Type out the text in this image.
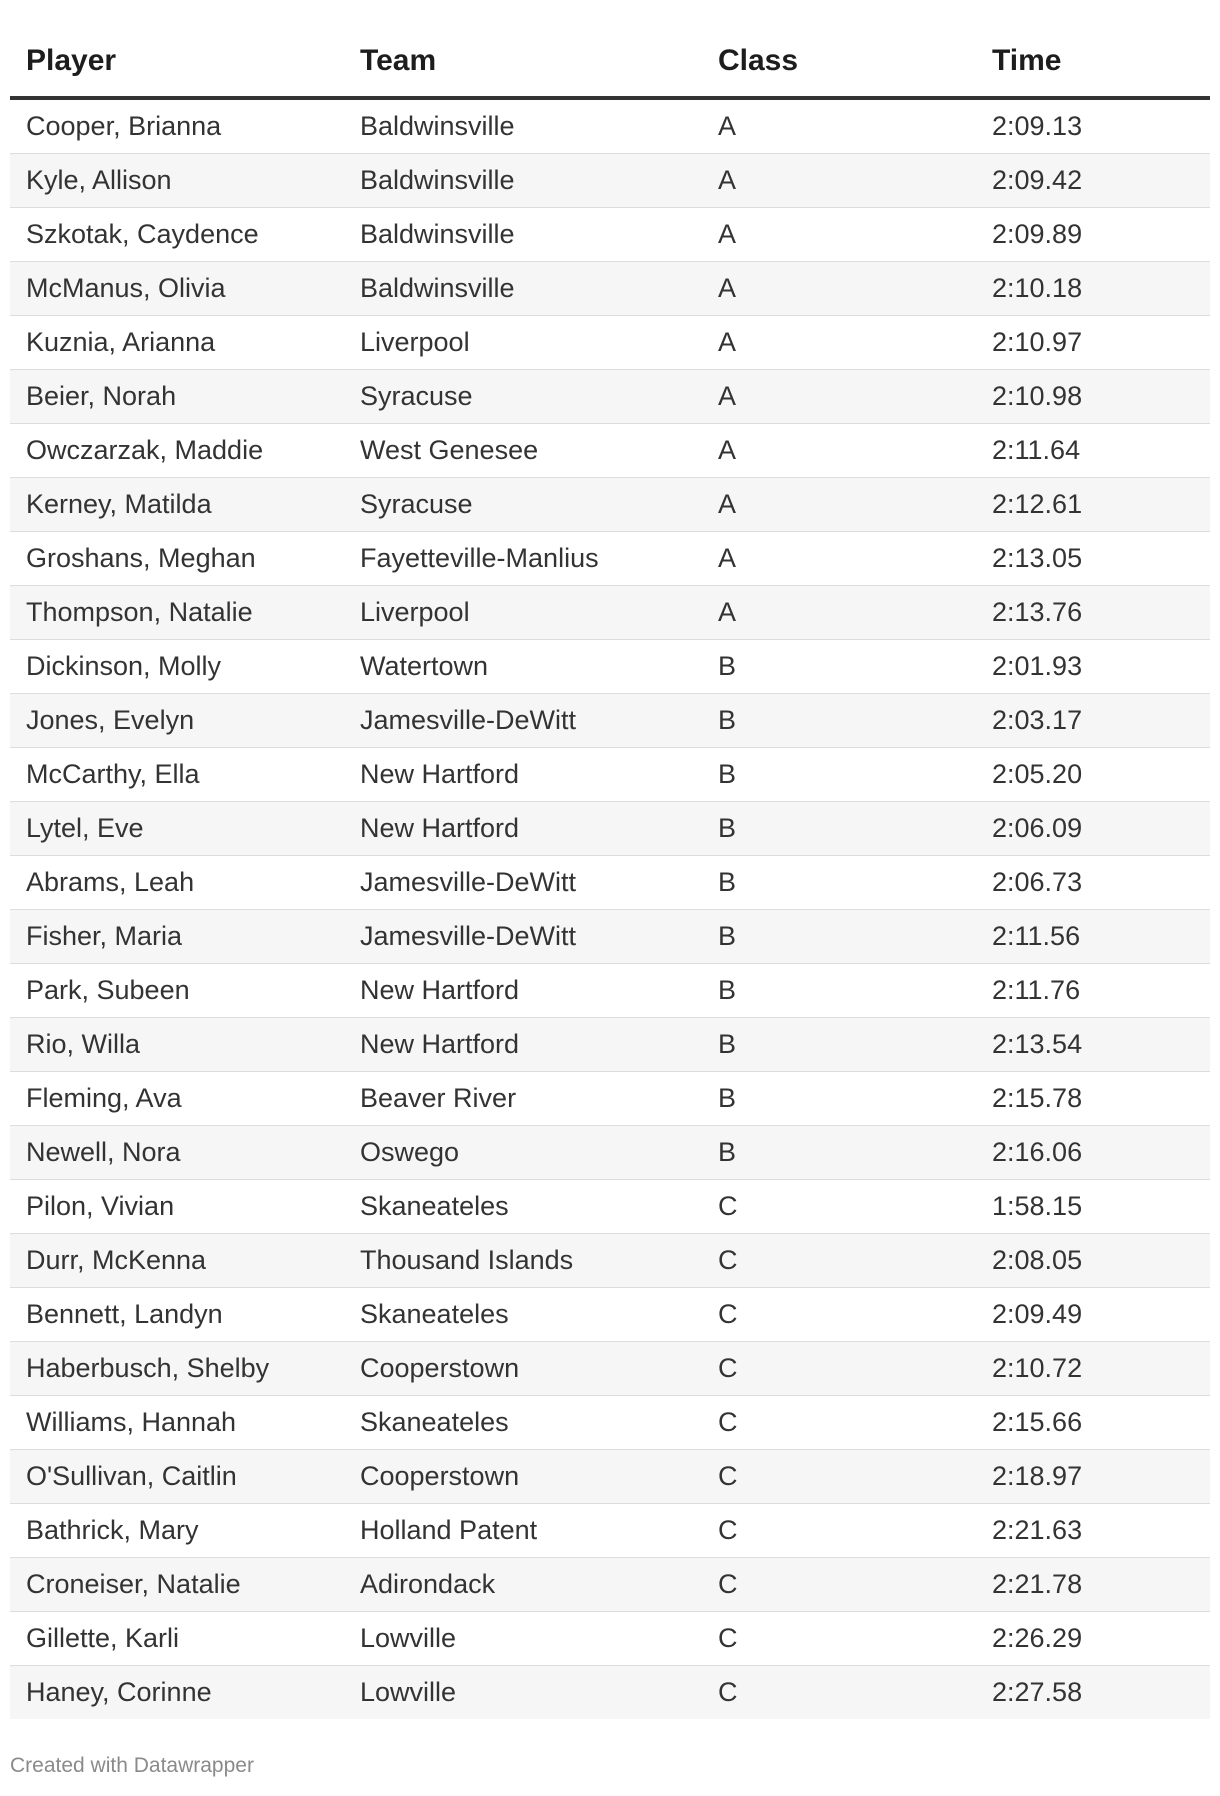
Player	Team	Class	Time
Cooper, Brianna	Baldwinsville	A	2:09.13
Kyle, Allison	Baldwinsville	A	2:09.42
Szkotak, Caydence	Baldwinsville	A	2:09.89
McManus, Olivia	Baldwinsville	A	2:10.18
Kuznia, Arianna	Liverpool	A	2:10.97
Beier, Norah	Syracuse	A	2:10.98
Owczarzak, Maddie	West Genesee	A	2:11.64
Kerney, Matilda	Syracuse	A	2:12.61
Groshans, Meghan	Fayetteville-Manlius	A	2:13.05
Thompson, Natalie	Liverpool	A	2:13.76
Dickinson, Molly	Watertown	B	2:01.93
Jones, Evelyn	Jamesville-DeWitt	B	2:03.17
McCarthy, Ella	New Hartford	B	2:05.20
Lytel, Eve	New Hartford	B	2:06.09
Abrams, Leah	Jamesville-DeWitt	B	2:06.73
Fisher, Maria	Jamesville-DeWitt	B	2:11.56
Park, Subeen	New Hartford	B	2:11.76
Rio, Willa	New Hartford	B	2:13.54
Fleming, Ava	Beaver River	B	2:15.78
Newell, Nora	Oswego	B	2:16.06
Pilon, Vivian	Skaneateles	C	1:58.15
Durr, McKenna	Thousand Islands	C	2:08.05
Bennett, Landyn	Skaneateles	C	2:09.49
Haberbusch, Shelby	Cooperstown	C	2:10.72
Williams, Hannah	Skaneateles	C	2:15.66
O'Sullivan, Caitlin	Cooperstown	C	2:18.97
Bathrick, Mary	Holland Patent	C	2:21.63
Croneiser, Natalie	Adirondack	C	2:21.78
Gillette, Karli	Lowville	C	2:26.29
Haney, Corinne	Lowville	C	2:27.58
Created with Datawrapper
